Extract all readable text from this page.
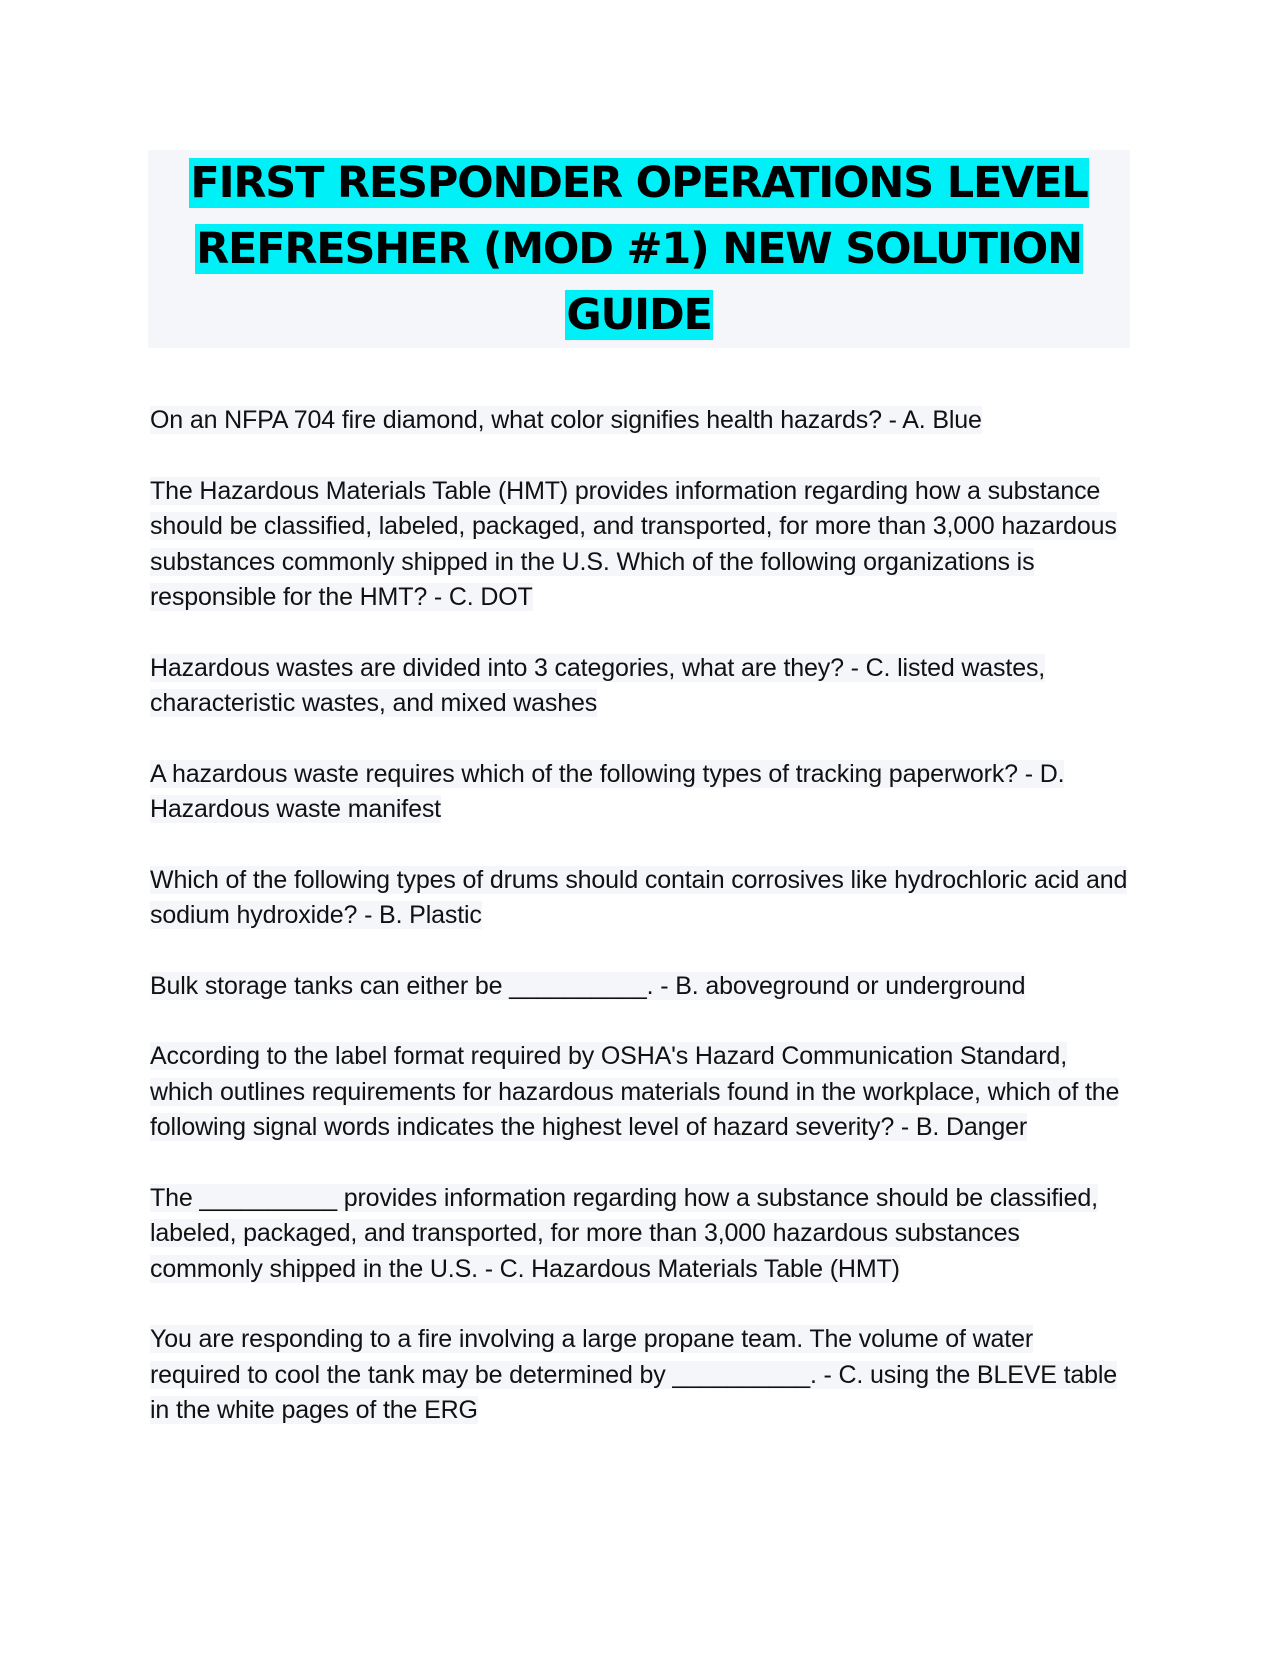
FIRST RESPONDER OPERATIONS LEVEL
REFRESHER (MOD #1) NEW SOLUTION
GUIDE

On an NFPA 704 fire diamond, what color signifies health hazards? - A. Blue

The Hazardous Materials Table (HMT) provides information regarding how a substance should be classified, labeled, packaged, and transported, for more than 3,000 hazardous substances commonly shipped in the U.S. Which of the following organizations is responsible for the HMT? - C. DOT

Hazardous wastes are divided into 3 categories, what are they? - C. listed wastes, characteristic wastes, and mixed washes

A hazardous waste requires which of the following types of tracking paperwork? - D. Hazardous waste manifest

Which of the following types of drums should contain corrosives like hydrochloric acid and sodium hydroxide? - B. Plastic

Bulk storage tanks can either be __________. - B. aboveground or underground

According to the label format required by OSHA's Hazard Communication Standard, which outlines requirements for hazardous materials found in the workplace, which of the following signal words indicates the highest level of hazard severity? - B. Danger

The __________ provides information regarding how a substance should be classified, labeled, packaged, and transported, for more than 3,000 hazardous substances commonly shipped in the U.S. - C. Hazardous Materials Table (HMT)

You are responding to a fire involving a large propane team. The volume of water required to cool the tank may be determined by __________. - C. using the BLEVE table in the white pages of the ERG
